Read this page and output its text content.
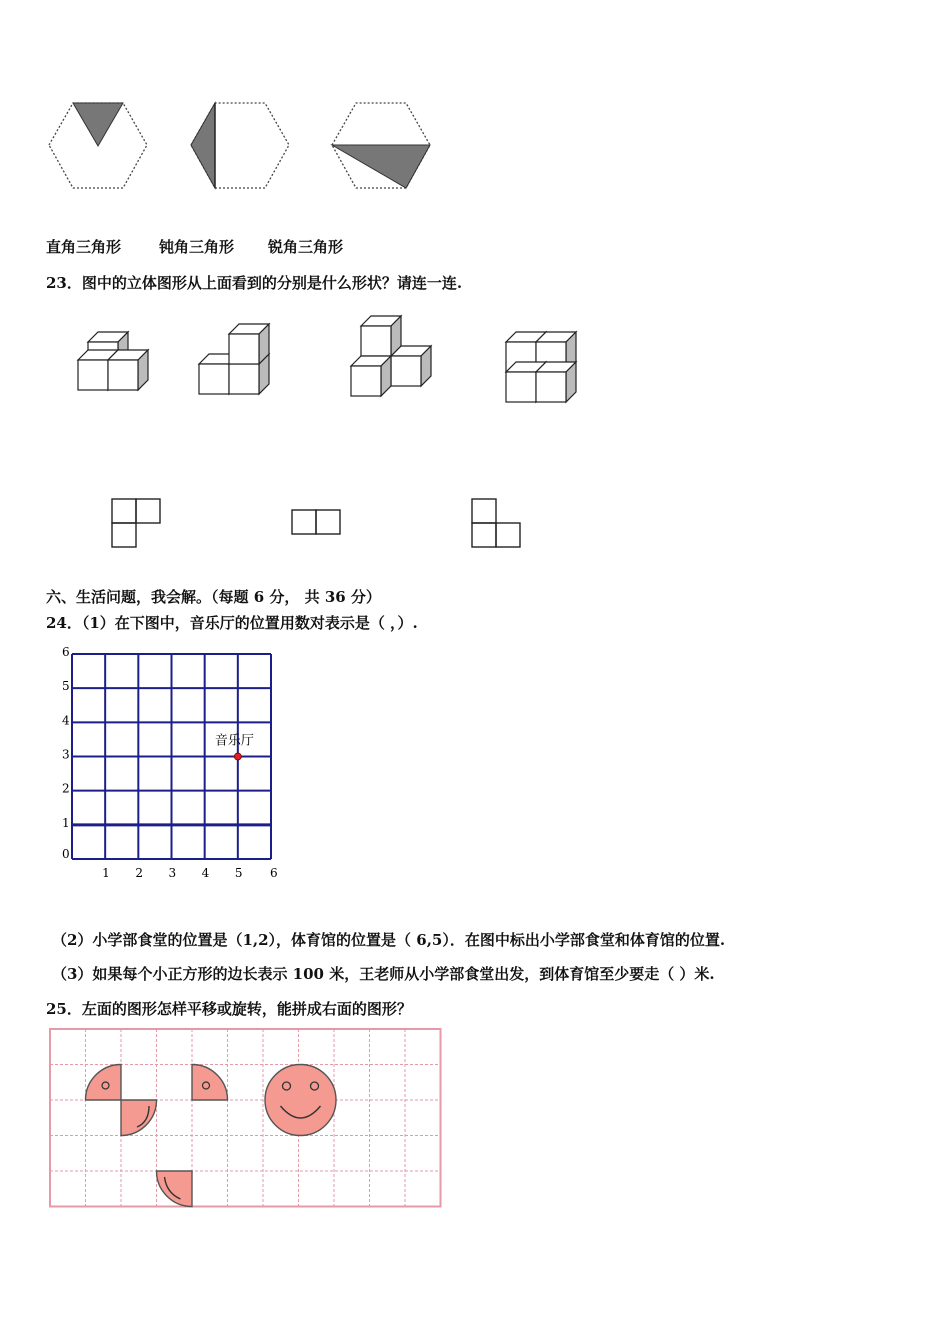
直角三角形	钝角三角形 锐角三角形
23．图中的立体图形从上面看到的分别是什么形状？请连一连.
六、生活问题，我会解。（每题 6 分， 共 36 分）
24．（1）在下图中，音乐厅的位置用数对表示是（ ，）.
1 2 3 4 5 6
0
1
2
3
4
5
6
音乐厅
（2）小学部食堂的位置是（1,2），体育馆的位置是（ 6,5）．在图中标出小学部食堂和体育馆的位置.
（3）如果每个小正方形的边长表示 100 米，王老师从小学部食堂出发，到体育馆至少要走（ ）米.
25．左面的图形怎样平移或旋转，能拼成右面的图形？
